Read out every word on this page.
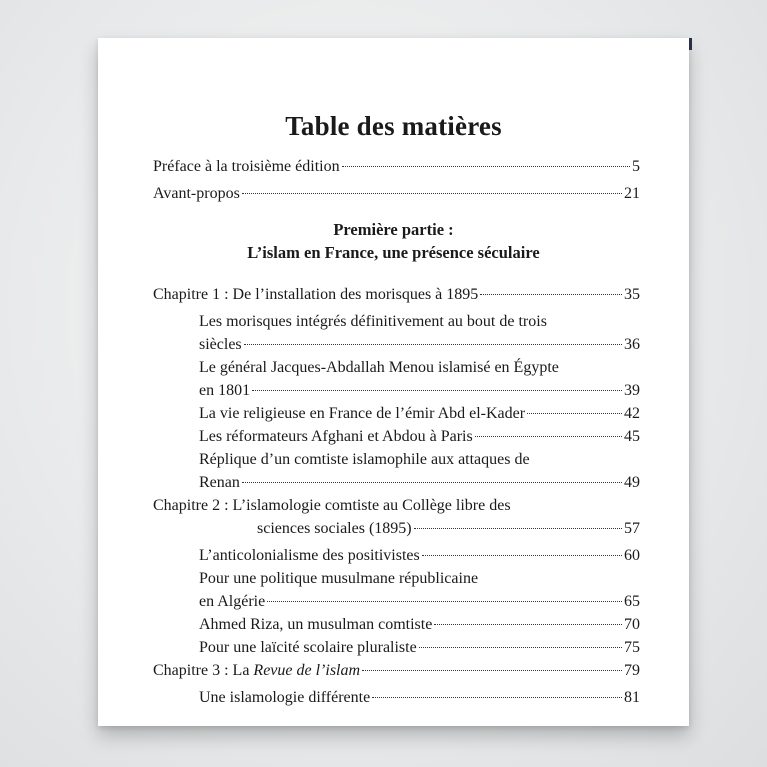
Table des matières
Préface à la troisième édition	5
Avant-propos	21
Première partie :
L’islam en France, une présence séculaire
Chapitre 1 : De l’installation des morisques à 1895	35
Les morisques intégrés définitivement au bout de trois
siècles	36
Le général Jacques-Abdallah Menou islamisé en Égypte
en 1801	39
La vie religieuse en France de l’émir Abd el-Kader	42
Les réformateurs Afghani et Abdou à Paris	45
Réplique d’un comtiste islamophile aux attaques de
Renan	49
Chapitre 2 : L’islamologie comtiste au Collège libre des
sciences sociales (1895)	57
L’anticolonialisme des positivistes	60
Pour une politique musulmane républicaine
en Algérie	65
Ahmed Riza, un musulman comtiste	70
Pour une laïcité scolaire pluraliste	75
Chapitre 3 : La Revue de l’islam	79
Une islamologie différente	81
